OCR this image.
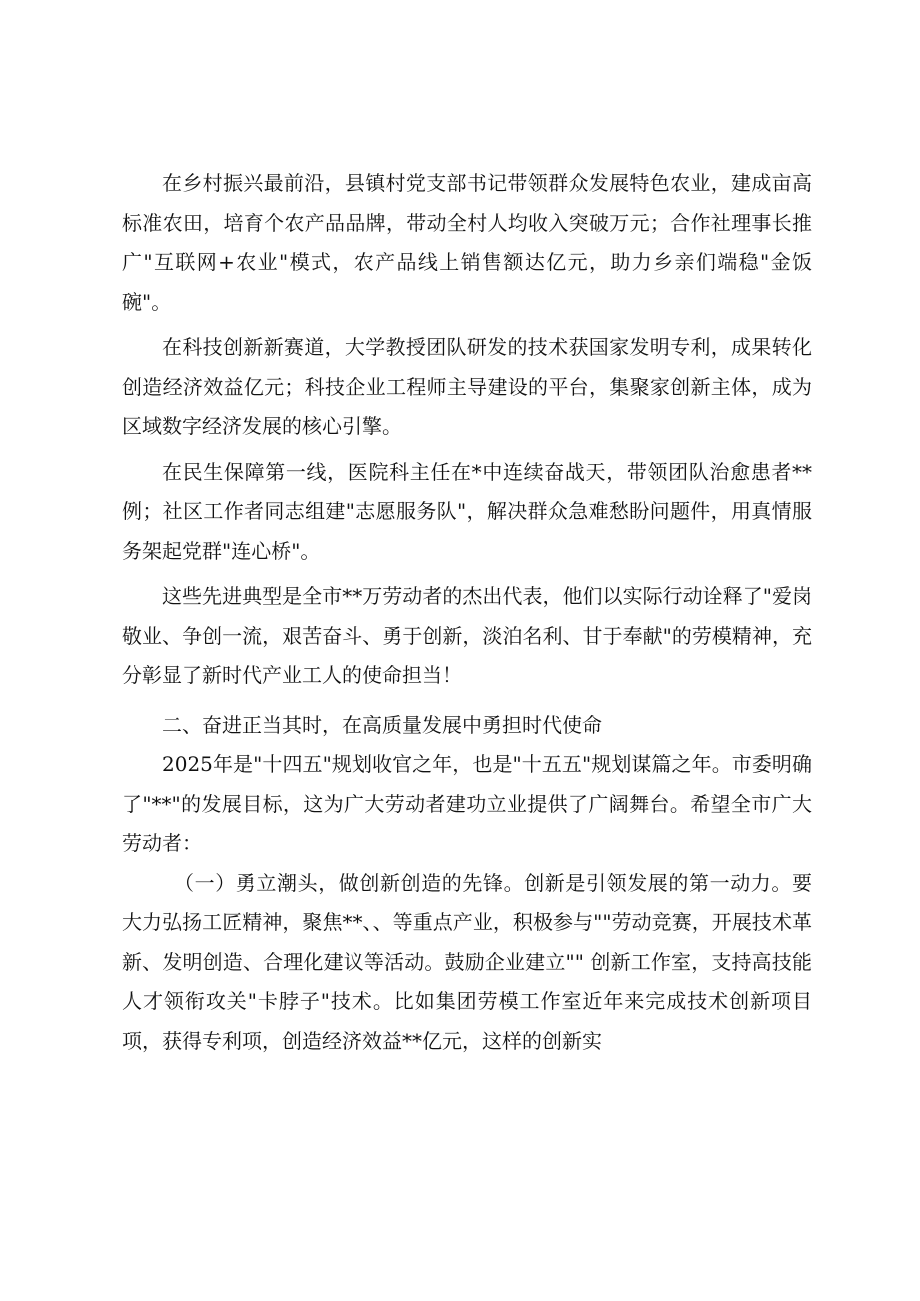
在乡村振兴最前沿，县镇村党支部书记带领群众发展特色农业，建成亩高标准农田，培育个农产品品牌，带动全村人均收入突破万元；合作社理事长推广"互联网+农业"模式，农产品线上销售额达亿元，助力乡亲们端稳"金饭碗"。

在科技创新新赛道，大学教授团队研发的技术获国家发明专利，成果转化创造经济效益亿元；科技企业工程师主导建设的平台，集聚家创新主体，成为区域数字经济发展的核心引擎。

在民生保障第一线，医院科主任在*中连续奋战天，带领团队治愈患者**例；社区工作者同志组建"志愿服务队"，解决群众急难愁盼问题件，用真情服务架起党群"连心桥"。

这些先进典型是全市**万劳动者的杰出代表，他们以实际行动诠释了"爱岗敬业、争创一流，艰苦奋斗、勇于创新，淡泊名利、甘于奉献"的劳模精神，充分彰显了新时代产业工人的使命担当！

二、奋进正当其时，在高质量发展中勇担时代使命

2025年是"十四五"规划收官之年，也是"十五五"规划谋篇之年。市委明确了"**"的发展目标，这为广大劳动者建功立业提供了广阔舞台。希望全市广大劳动者：

（一）勇立潮头，做创新创造的先锋。创新是引领发展的第一动力。要大力弘扬工匠精神，聚焦**、、等重点产业，积极参与""劳动竞赛，开展技术革新、发明创造、合理化建议等活动。鼓励企业建立"" 创新工作室，支持高技能人才领衔攻关"卡脖子"技术。比如集团劳模工作室近年来完成技术创新项目项，获得专利项，创造经济效益**亿元，这样的创新实
